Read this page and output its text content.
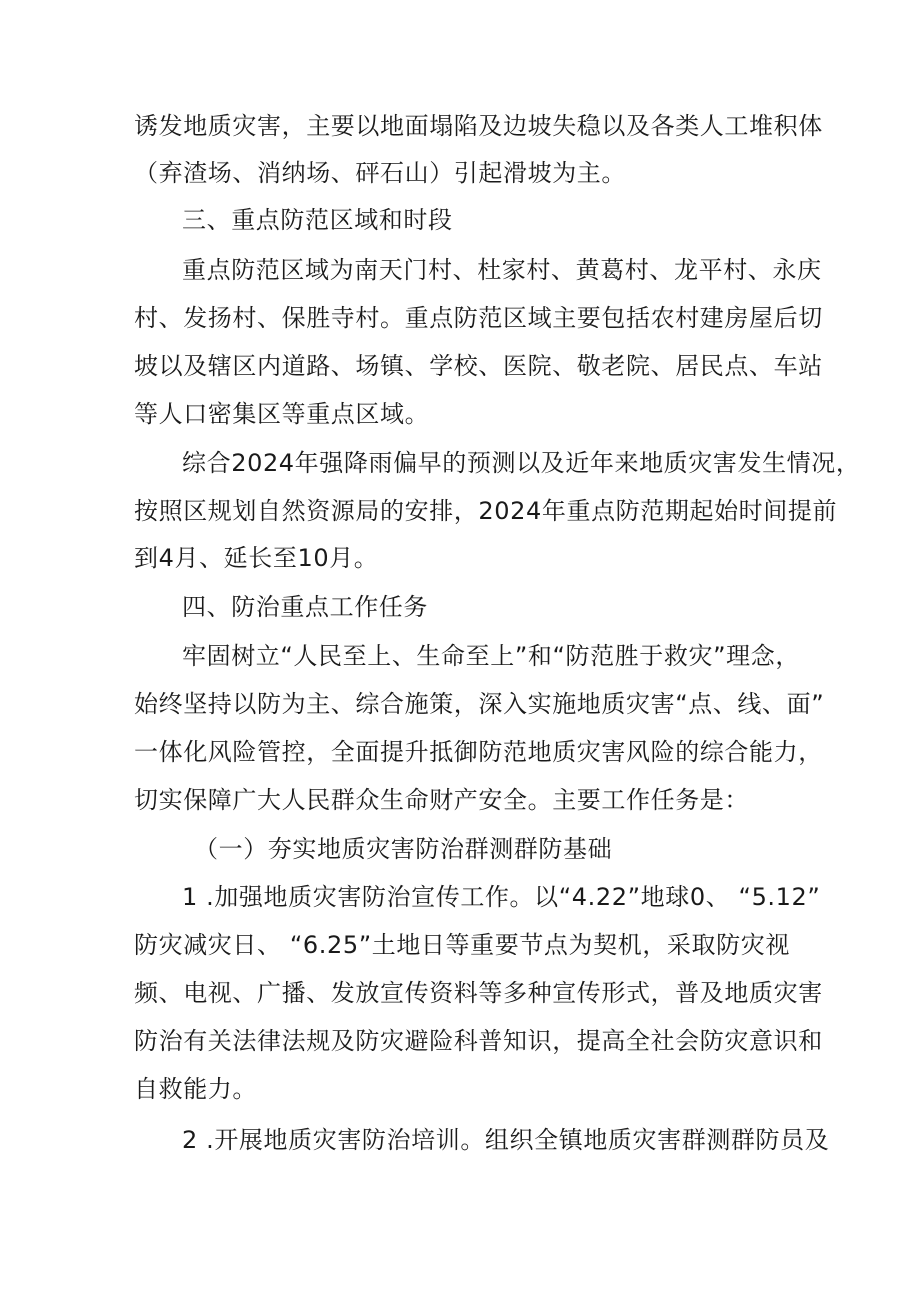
诱发地质灾害，主要以地面塌陷及边坡失稳以及各类人工堆积体
（弃渣场、消纳场、砰石山）引起滑坡为主。
三、重点防范区域和时段
重点防范区域为南天门村、杜家村、黄葛村、龙平村、永庆
村、发扬村、保胜寺村。重点防范区域主要包括农村建房屋后切
坡以及辖区内道路、场镇、学校、医院、敬老院、居民点、车站
等人口密集区等重点区域。
综合2024年强降雨偏早的预测以及近年来地质灾害发生情况，
按照区规划自然资源局的安排，2024年重点防范期起始时间提前
到4月、延长至10月。
四、防治重点工作任务
牢固树立“人民至上、生命至上”和“防范胜于救灾”理念，
始终坚持以防为主、综合施策，深入实施地质灾害“点、线、面”
一体化风险管控，全面提升抵御防范地质灾害风险的综合能力，
切实保障广大人民群众生命财产安全。主要工作任务是：
（一）夯实地质灾害防治群测群防基础
1 .加强地质灾害防治宣传工作。以“4.22”地球0、 “5.12”
防灾减灾日、 “6.25”土地日等重要节点为契机，采取防灾视
频、电视、广播、发放宣传资料等多种宣传形式，普及地质灾害
防治有关法律法规及防灾避险科普知识，提高全社会防灾意识和
自救能力。
2 .开展地质灾害防治培训。组织全镇地质灾害群测群防员及
